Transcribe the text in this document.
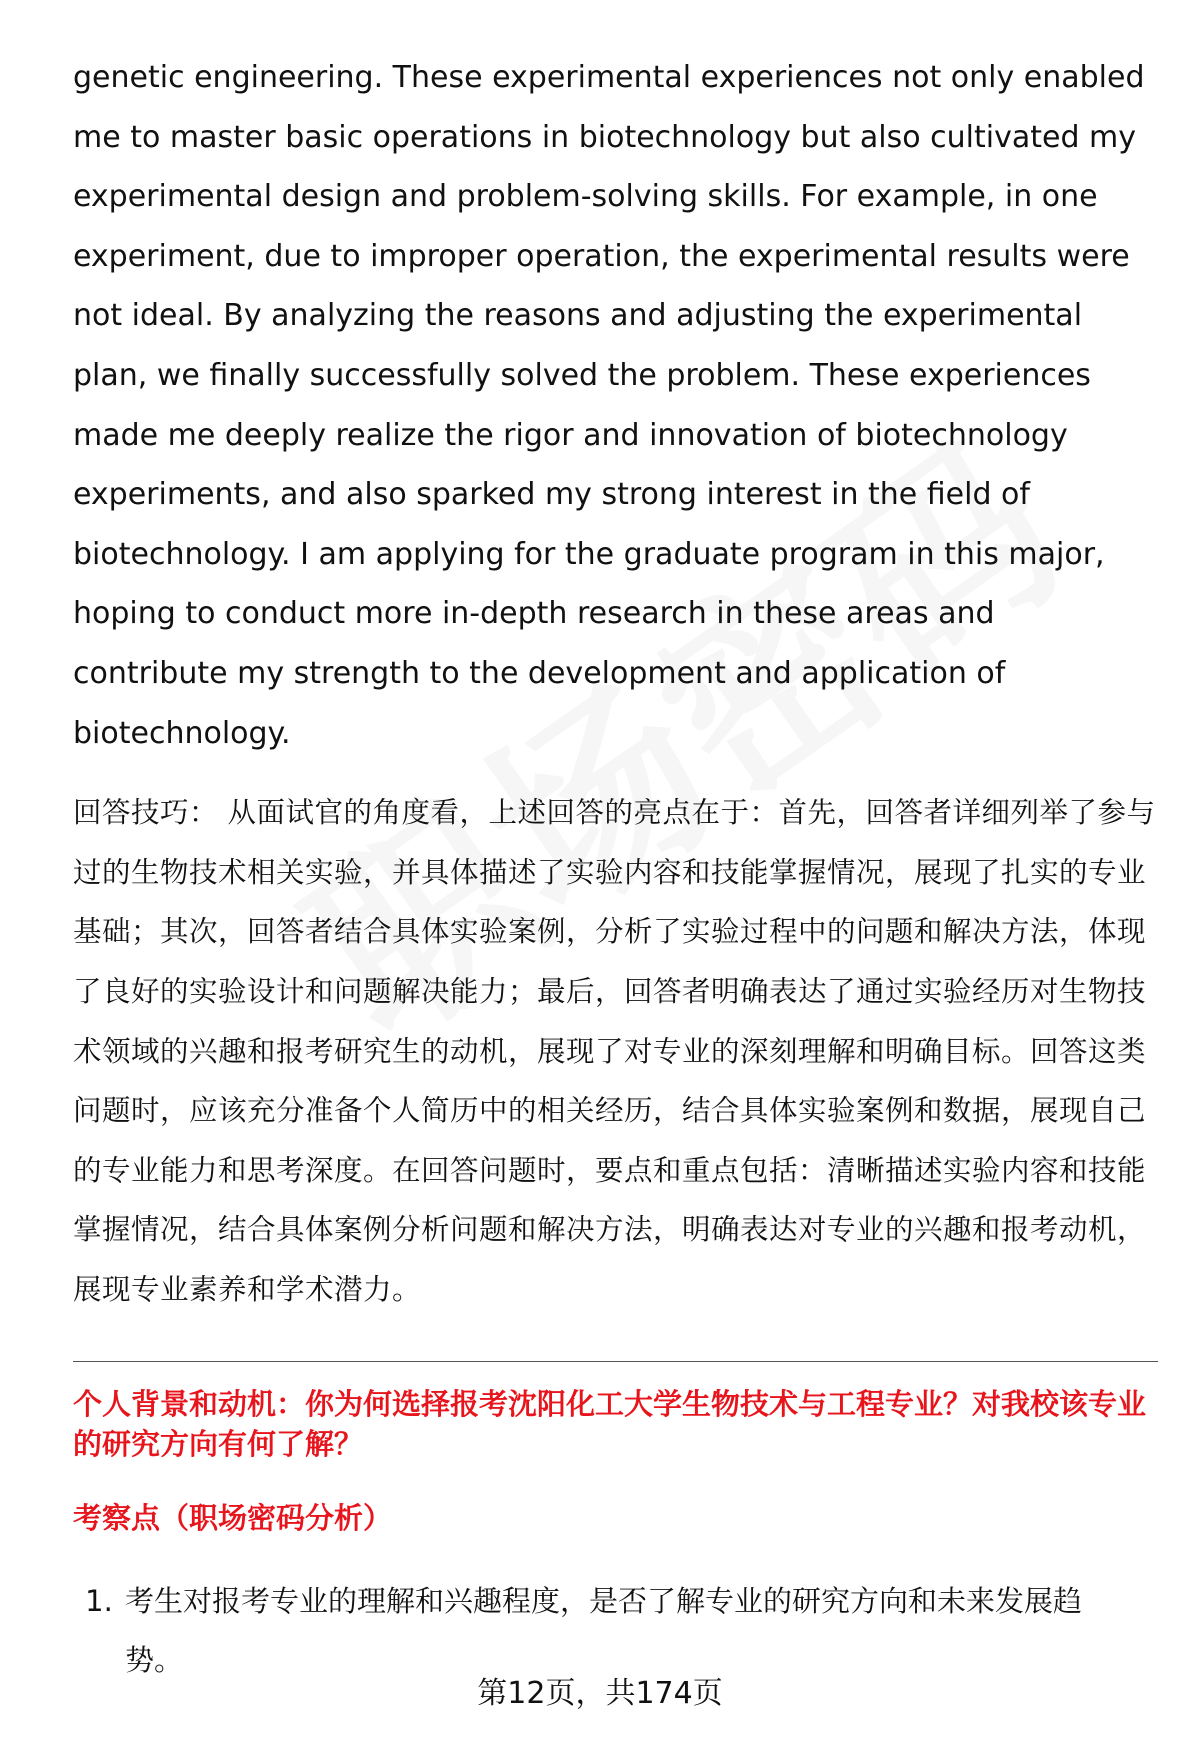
genetic engineering. These experimental experiences not only enabled me to master basic operations in biotechnology but also cultivated my experimental design and problem-solving skills. For example, in one experiment, due to improper operation, the experimental results were not ideal. By analyzing the reasons and adjusting the experimental plan, we finally successfully solved the problem. These experiences made me deeply realize the rigor and innovation of biotechnology experiments, and also sparked my strong interest in the field of biotechnology. I am applying for the graduate program in this major, hoping to conduct more in-depth research in these areas and contribute my strength to the development and application of biotechnology.

回答技巧： 从面试官的角度看，上述回答的亮点在于：首先，回答者详细列举了参与过的生物技术相关实验，并具体描述了实验内容和技能掌握情况，展现了扎实的专业基础；其次，回答者结合具体实验案例，分析了实验过程中的问题和解决方法，体现了良好的实验设计和问题解决能力；最后，回答者明确表达了通过实验经历对生物技术领域的兴趣和报考研究生的动机，展现了对专业的深刻理解和明确目标。回答这类问题时，应该充分准备个人简历中的相关经历，结合具体实验案例和数据，展现自己的专业能力和思考深度。在回答问题时，要点和重点包括：清晰描述实验内容和技能掌握情况，结合具体案例分析问题和解决方法，明确表达对专业的兴趣和报考动机，展现专业素养和学术潜力。

个人背景和动机：你为何选择报考沈阳化工大学生物技术与工程专业？对我校该专业的研究方向有何了解？
考察点（职场密码分析）
1. 考生对报考专业的理解和兴趣程度，是否了解专业的研究方向和未来发展趋势。
第12页，共174页
